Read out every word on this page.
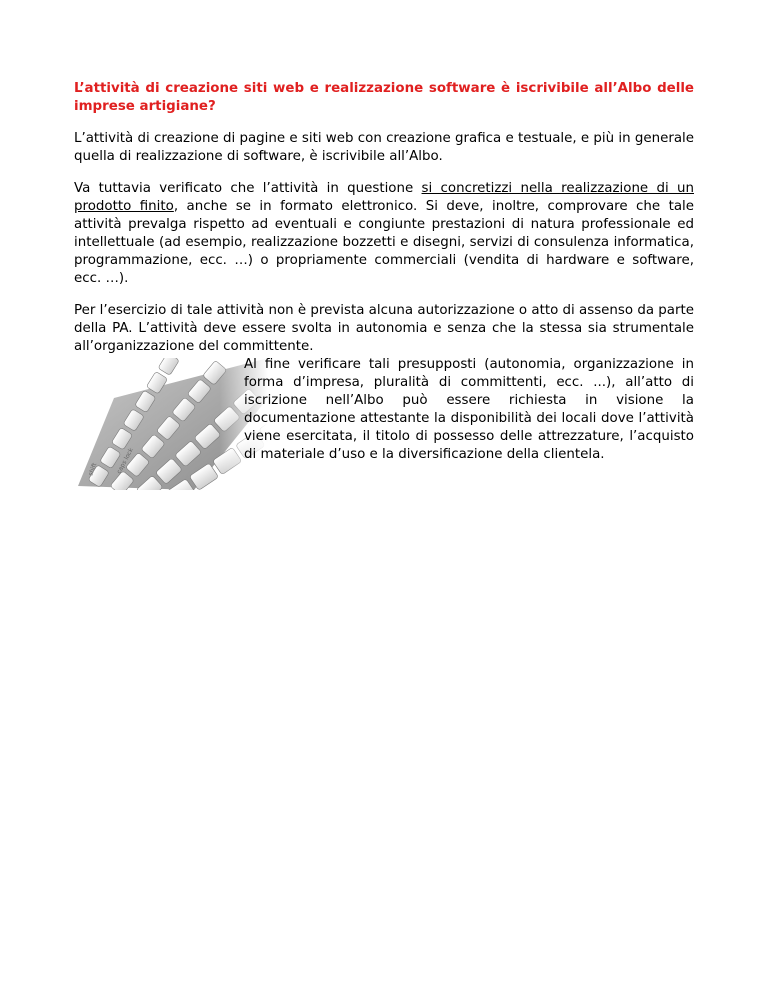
L’attività di creazione siti web e realizzazione software è iscrivibile all’Albo delle imprese artigiane?

L’attività di creazione di pagine e siti web con creazione grafica e testuale, e più in generale quella di realizzazione di software, è iscrivibile all’Albo.

Va tuttavia verificato che l’attività in questione si concretizzi nella realizzazione di un prodotto finito, anche se in formato elettronico. Si deve, inoltre, comprovare che tale attività prevalga rispetto ad eventuali e congiunte prestazioni di natura professionale ed intellettuale (ad esempio, realizzazione bozzetti e disegni, servizi di consulenza informatica, programmazione, ecc. …) o propriamente commerciali (vendita di hardware e software, ecc. …).

Per l’esercizio di tale attività non è prevista alcuna autorizzazione o atto di assenso da parte della PA. L’attività deve essere svolta in autonomia e senza che la stessa sia strumentale all’organizzazione del committente.

Al fine verificare tali presupposti (autonomia, organizzazione in forma d’impresa, pluralità di committenti, ecc. ...), all’atto di iscrizione nell’Albo può essere richiesta in visione la documentazione attestante la disponibilità dei locali dove l’attività viene esercitata, il titolo di possesso delle attrezzature, l’acquisto di materiale d’uso e la diversificazione della clientela.
